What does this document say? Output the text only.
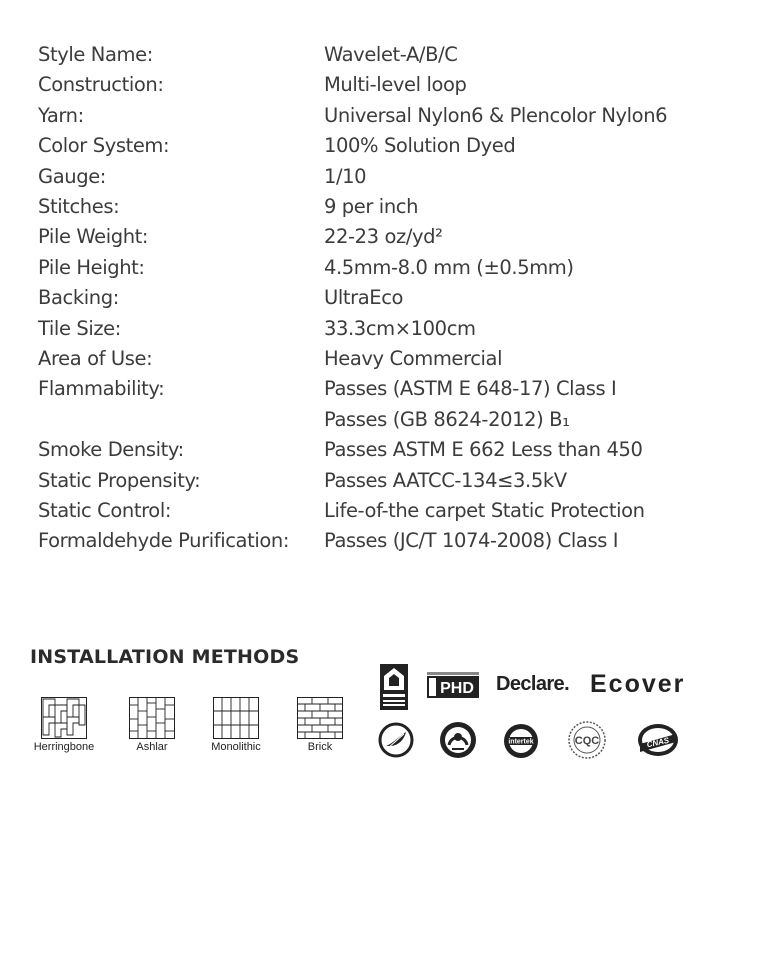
Style Name:	Wavelet-A/B/C
Construction:	Multi-level loop
Yarn:	Universal Nylon6 & Plencolor Nylon6
Color System:	100% Solution Dyed
Gauge:	1/10
Stitches:	9 per inch
Pile Weight:	22-23 oz/yd²
Pile Height:	4.5mm-8.0 mm (±0.5mm)
Backing:	UltraEco
Tile Size:	33.3cm×100cm
Area of Use:	Heavy Commercial
Flammability:	Passes (ASTM E 648-17) Class I
Passes (GB 8624-2012) B₁
Smoke Density:	Passes ASTM E 662 Less than 450
Static Propensity:	Passes AATCC-134≤3.5kV
Static Control:	Life-of-the carpet Static Protection
Formaldehyde Purification:	Passes (JC/T 1074-2008) Class I
INSTALLATION METHODS
Herringbone	Ashlar	Monolithic	Brick
PHD Declare. Ecover
intertek	CQC	CNAS
